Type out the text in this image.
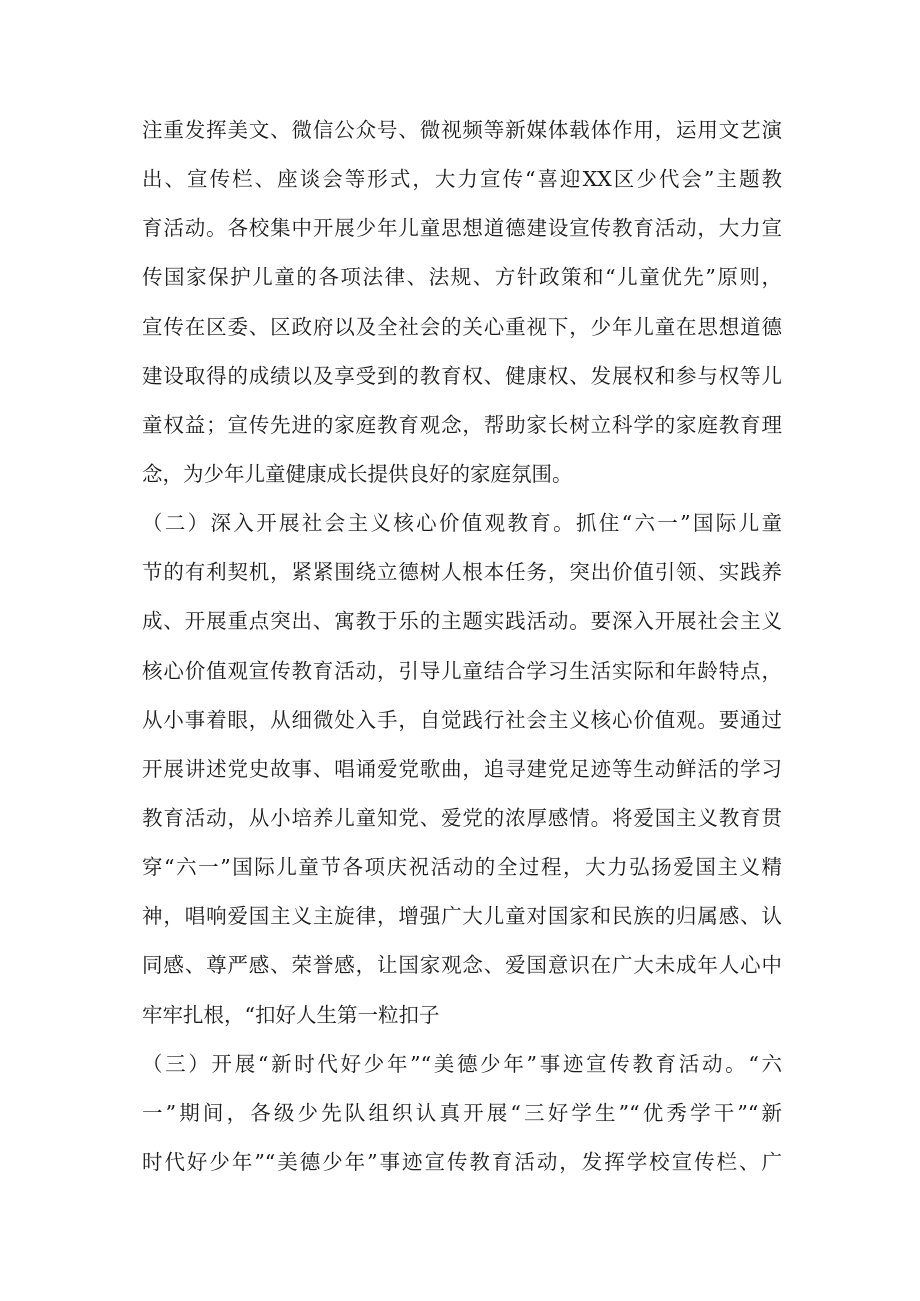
注重发挥美文、微信公众号、微视频等新媒体载体作用，运用文艺演
出、宣传栏、座谈会等形式，大力宣传“喜迎XX区少代会”主题教
育活动。各校集中开展少年儿童思想道德建设宣传教育活动，大力宣
传国家保护儿童的各项法律、法规、方针政策和“儿童优先”原则，
宣传在区委、区政府以及全社会的关心重视下，少年儿童在思想道德
建设取得的成绩以及享受到的教育权、健康权、发展权和参与权等儿
童权益；宣传先进的家庭教育观念，帮助家长树立科学的家庭教育理
念，为少年儿童健康成长提供良好的家庭氛围。
（二）深入开展社会主义核心价值观教育。抓住“六一”国际儿童
节的有利契机，紧紧围绕立德树人根本任务，突出价值引领、实践养
成、开展重点突出、寓教于乐的主题实践活动。要深入开展社会主义
核心价值观宣传教育活动，引导儿童结合学习生活实际和年龄特点，
从小事着眼，从细微处入手，自觉践行社会主义核心价值观。要通过
开展讲述党史故事、唱诵爱党歌曲，追寻建党足迹等生动鲜活的学习
教育活动，从小培养儿童知党、爱党的浓厚感情。将爱国主义教育贯
穿“六一”国际儿童节各项庆祝活动的全过程，大力弘扬爱国主义精
神，唱响爱国主义主旋律，增强广大儿童对国家和民族的归属感、认
同感、尊严感、荣誉感，让国家观念、爱国意识在广大未成年人心中
牢牢扎根，“扣好人生第一粒扣子
（三）开展“新时代好少年”“美德少年”事迹宣传教育活动。“六
一”期间，各级少先队组织认真开展“三好学生”“优秀学干”“新
时代好少年”“美德少年”事迹宣传教育活动，发挥学校宣传栏、广
